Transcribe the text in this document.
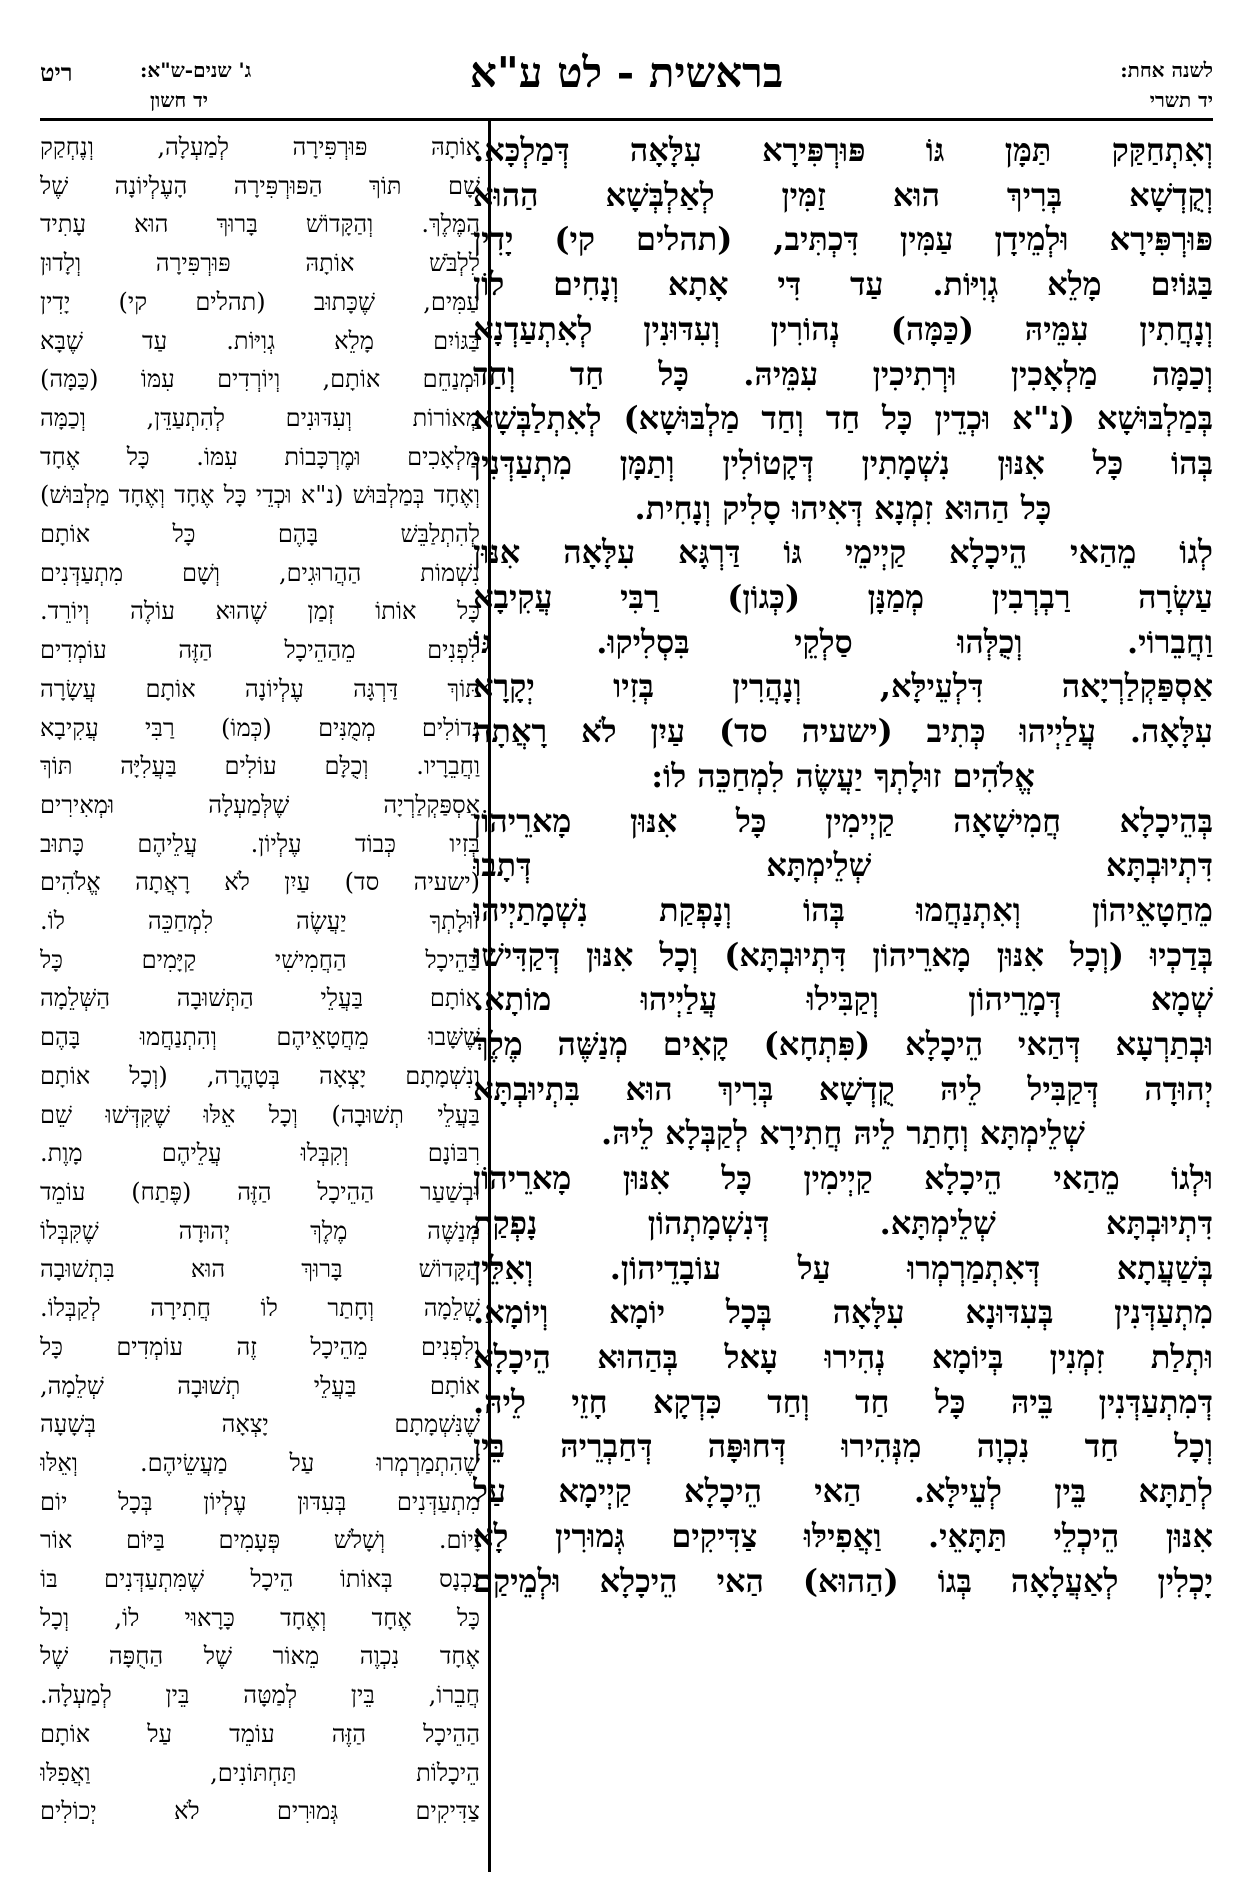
בראשית - לט ע"א	לשנה אחת:
יד תשרי
ג' שנים-ש"א:
יד חשון
ריט
וְאִתְחַקַּק תַּמָּן גּוֹ פּוּרְפִּירָא עִלָּאָה דְּמַלְכָּא.
וְקֻדְשָׁא בְּרִיךְ הוּא זַמִּין לְאַלְבְּשָׁא הַהוּא
פּוּרְפִּירָא וּלְמֵידָן עַמִּין דִּכְתִּיב, (תהלים קי) יָדִין
בַּגּוֹיִם מָלֵא גְוִיּוֹת. עַד דִּי אָתָא וְנָחִים לוֹן
וְנָחֲתִין עִמֵּיהּ (כַּמָּה) נְהוֹרִין וְעִדּוּנִין לְאִתְעַדְנָא
וְכַמָּה מַלְאָכִין וּרְתִיכִין עִמֵּיהּ. כָּל חַד וְחַד
בְּמַלְבּוּשָׁא (נ"א וּכְדֵין כָּל חַד וְחַד מַלְבּוּשָׁא) לְאִתְלַבְּשָׁא
בְּהוֹ כָּל אִנּוּן נִשְׁמָתִין דְּקָטוֹלִין וְתַמָּן מִתְעַדְּנִין
כָּל הַהוּא זִמְנָא דְּאִיהוּ סָלִיק וְנָחִית.
לְגוֹ מֵהַאי הֵיכָלָא קַיְימֵי גּוֹ דַּרְגָּא עִלָּאָה אִנּוּן
עַשְׂרָה רַבְרְבִין מְמַנָּן (כְּגוֹן) רַבִּי עֲקִיבָא
וַחֲבֵרוֹי. וְכֻלְּהוּ סַלְקֵי בִּסְלִיקוּ. גּוֹ
אַסְפַּקְלַרְיָאה דִּלְעֵילָּא, וְנָהֲרִין בְּזִיו יְקָרָא
עִלָּאָה. עֲלַיְיהוּ כְּתִיב (ישעיה סד) עַיִן לֹא רָאֲתָה
אֱלֹהִים זוּלָתְךָ יַעֲשֶׂה לִמְחַכֵּה לוֹ:
בְּהֵיכָלָא חֲמִישָׁאָה קַיְימִין כָּל אִנּוּן מָארֵיהוֹן
דִּתְיוּבְתָּא שְׁלֵימְתָּא דְּתָבוּ
מֵחַטָאֵיהוֹן וְאִתְנַחֲמוּ בְּהוֹ וְנָפְקַת נִשְׁמָתַיְיהוּ
בְּדַכְיוּ (וְכָל אִנּוּן מָארֵיהוֹן דִּתְיוּבְתָּא) וְכָל אִנּוּן דְּקַדִּישׁוּ
שְׁמָא דְּמָרֵיהוֹן וְקַבִּילוּ עֲלַיְיהוּ מוֹתָא.
וּבְתַרְעָא דְּהַאי הֵיכָלָא (פִּתְחָא) קָאִים מְנַשֶּׁה מֶלֶךְ
יְהוּדָה דְּקַבִּיל לֵיהּ קֻדְשָׁא בְּרִיךְ הוּא בִּתְיוּבְתָּא
שְׁלֵימְתָּא וְחָתַר לֵיהּ חֲתִירָא לְקַבְּלָא לֵיהּ.
וּלְגוֹ מֵהַאי הֵיכָלָא קַיְימִין כָּל אִנּוּן מָארֵיהוֹן
דִּתְיוּבְתָּא שְׁלֵימְתָּא. דְּנִשְׁמָתְהוֹן נָפְקַת
בְּשַׁעֲתָא דְּאִתְמַרְמְרוּ עַל עוֹבָדֵיהוֹן. וְאִלֵּין
מִתְעַדְּנִין בְּעִדּוּנָא עִלָּאָה בְּכָל יוֹמָא וְיוֹמָא.
וּתְלַת זִמְנִין בְּיוֹמָא נְהִירוּ עָאל בְּהַהוּא הֵיכָלָא
דְּמִתְעַדְּנִין בֵּיהּ כָּל חַד וְחַד כִּדְקָא חָזֵי לֵיהּ.
וְכָל חַד נִכְוָה מִנְּהִירוּ דְּחוּפָּה דְּחַבְרֵיהּ בֵּין
לְתַתָּא בֵּין לְעֵילָּא. הַאי הֵיכָלָא קַיְימָא עַל
אִנּוּן הֵיכְלֵי תַּתָּאֵי. וַאֲפִילּוּ צַדִּיקִים גְּמוּרִין לָא
יָכְלִין לְאַעֲלָאָה בְּגוֹ (הַהוּא) הַאי הֵיכָלָא וּלְמֵיקַם
אוֹתָהּ פּוּרְפִּירָה לְמַעְלָה, וְנֶחְקַק
שָׁם תּוֹךְ הַפּוּרְפִּירָה הָעֶלְיוֹנָה שֶׁל
הַמֶּלֶךְ. וְהַקָּדוֹשׁ בָּרוּךְ הוּא עָתִיד
לִלְבֹּשׁ אוֹתָהּ פּוּרְפִּירָה וְלָדוּן
עַמִּים, שֶׁכָּתוּב (תהלים קי) יָדִין
בַּגּוֹיִם מָלֵא גְוִיּוֹת. עַד שֶׁבָּא
וּמְנַחֵם אוֹתָם, וְיוֹרְדִים עִמּוֹ (כַּמָּה)
מְאוֹרוֹת וְעִדּוּנִים לְהִתְעַדֵּן, וְכַמָּה
מַלְאָכִים וּמֶרְכָּבוֹת עִמּוֹ. כָּל אֶחָד
וְאֶחָד בְּמַלְבּוּשׁ (נ"א וּכְדֵי כָּל אֶחָד וְאֶחָד מַלְבּוּשׁ)
לְהִתְלַבֵּשׁ בָּהֶם כָּל אוֹתָם
נִשְׁמוֹת הַהֲרוּגִים, וְשָׁם מִתְעַדְּנִים
כָּל אוֹתוֹ זְמַן שֶׁהוּא עוֹלֶה וְיוֹרֵד.
לִפְנִים מֵהַהֵיכָל הַזֶּה עוֹמְדִים
תּוֹךְ דַּרְגָּה עֶלְיוֹנָה אוֹתָם עֲשָׂרָה
גְּדוֹלִים מְמֻנִּים (כְּמוֹ) רַבִּי עֲקִיבָא
וַחֲבֵרָיו. וְכֻלָּם עוֹלִים בַּעֲלִיָּה תּוֹךְ
אַסְפַּקְלַרְיָה שֶׁלְּמַעְלָה וּמְאִירִים
בְּזִיו כְּבוֹד עֶלְיוֹן. עֲלֵיהֶם כָּתוּב
(ישעיה סד) עַיִן לֹא רָאֲתָה אֱלֹהִים
זוּלָתְךָ יַעֲשֶׂה לִמְחַכֵּה לוֹ.
בַּהֵיכָל הַחֲמִישִׁי קַיָּמִים כָּל
אוֹתָם בַּעֲלֵי הַתְּשׁוּבָה הַשְּׁלֵמָה
שֶׁשָּׁבוּ מֵחֲטָאֵיהֶם וְהִתְנַחֲמוּ בָּהֶם
וְנִשְׁמָתָם יָצְאָה בְּטָהֳרָה, (וְכָל אוֹתָם
בַּעֲלֵי תְשׁוּבָה) וְכָל אֵלּוּ שֶׁקִּדְּשׁוּ שֵׁם
רִבּוֹנָם וְקִבְּלוּ עֲלֵיהֶם מָוֶת.
וּבְשַׁעַר הַהֵיכָל הַזֶּה (פֶּתַח) עוֹמֵד
מְנַשֶּׁה מֶלֶךְ יְהוּדָה שֶׁקִּבְּלוֹ
הַקָּדוֹשׁ בָּרוּךְ הוּא בִּתְשׁוּבָה
שְׁלֵמָה וְחָתַר לוֹ חֲתִירָה לְקַבְּלוֹ.
וְלִפְנִים מֵהֵיכָל זֶה עוֹמְדִים כָּל
אוֹתָם בַּעֲלֵי תְשׁוּבָה שְׁלֵמָה,
שֶׁנִּשְׁמָתָם יָצְאָה בְּשָׁעָה
שֶׁהִתְמַרְמְרוּ עַל מַעֲשֵׂיהֶם. וְאֵלּוּ
מִתְעַדְּנִים בְּעִדּוּן עֶלְיוֹן בְּכָל יוֹם
וָיוֹם. וְשָׁלֹשׁ פְּעָמִים בַּיּוֹם אוֹר
נִכְנָס בְּאוֹתוֹ הֵיכָל שֶׁמִּתְעַדְּנִים בּוֹ
כָּל אֶחָד וְאֶחָד כָּרָאוּי לוֹ, וְכָל
אֶחָד נִכְוֶה מֵאוֹר שֶׁל הַחֻפָּה שֶׁל
חֲבֵרוֹ, בֵּין לְמַטָּה בֵּין לְמַעְלָה.
הַהֵיכָל הַזֶּה עוֹמֵד עַל אוֹתָם
הֵיכָלוֹת תַּחְתּוֹנִים, וַאֲפִלּוּ
צַדִּיקִים גְּמוּרִים לֹא יְכוֹלִים
